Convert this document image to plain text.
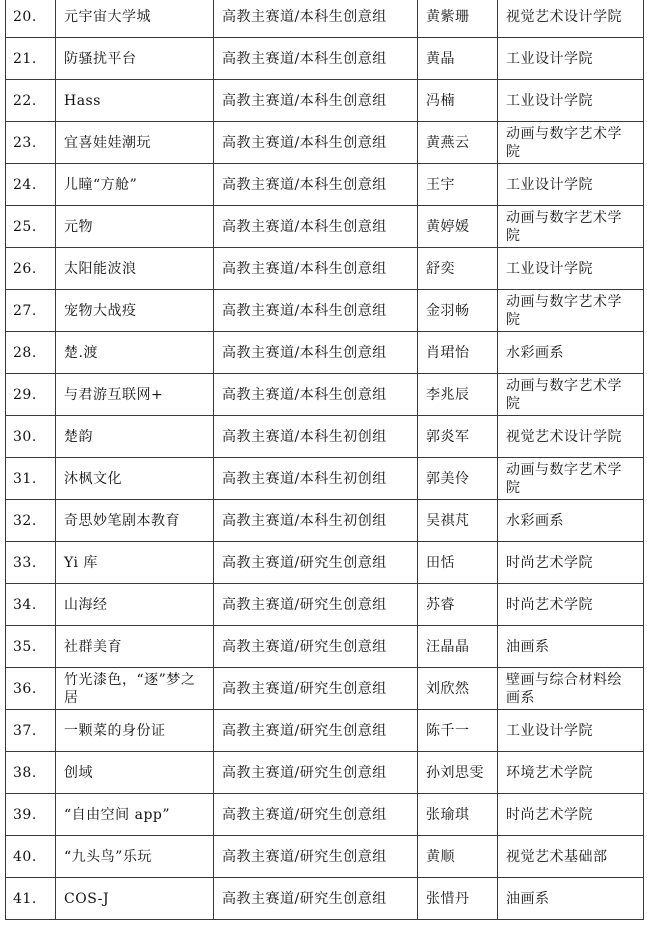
20.	元宇宙大学城	高教主赛道/本科生创意组	黄紫珊	视觉艺术设计学院
21.	防骚扰平台	高教主赛道/本科生创意组	黄晶	工业设计学院
22.	Hass	高教主赛道/本科生创意组	冯楠	工业设计学院
23.	宜喜娃娃潮玩	高教主赛道/本科生创意组	黄燕云	动画与数字艺术学院
24.	儿瞳“方舱”	高教主赛道/本科生创意组	王宇	工业设计学院
25.	元物	高教主赛道/本科生创意组	黄婷媛	动画与数字艺术学院
26.	太阳能波浪	高教主赛道/本科生创意组	舒奕	工业设计学院
27.	宠物大战疫	高教主赛道/本科生创意组	金羽畅	动画与数字艺术学院
28.	楚.渡	高教主赛道/本科生创意组	肖珺怡	水彩画系
29.	与君游互联网+	高教主赛道/本科生创意组	李兆辰	动画与数字艺术学院
30.	楚韵	高教主赛道/本科生初创组	郭炎军	视觉艺术设计学院
31.	沐枫文化	高教主赛道/本科生初创组	郭美伶	动画与数字艺术学院
32.	奇思妙笔剧本教育	高教主赛道/本科生初创组	吴祺芃	水彩画系
33.	Yi 库	高教主赛道/研究生创意组	田恬	时尚艺术学院
34.	山海经	高教主赛道/研究生创意组	苏睿	时尚艺术学院
35.	社群美育	高教主赛道/研究生创意组	汪晶晶	油画系
36.	竹光漆色，“逐”梦之居	高教主赛道/研究生创意组	刘欣然	壁画与综合材料绘画系
37.	一颗菜的身份证	高教主赛道/研究生创意组	陈千一	工业设计学院
38.	创域	高教主赛道/研究生创意组	孙刘思雯	环境艺术学院
39.	“自由空间 app”	高教主赛道/研究生创意组	张瑜琪	时尚艺术学院
40.	“九头鸟”乐玩	高教主赛道/研究生创意组	黄顺	视觉艺术基础部
41.	COS-J	高教主赛道/研究生创意组	张惜丹	油画系
